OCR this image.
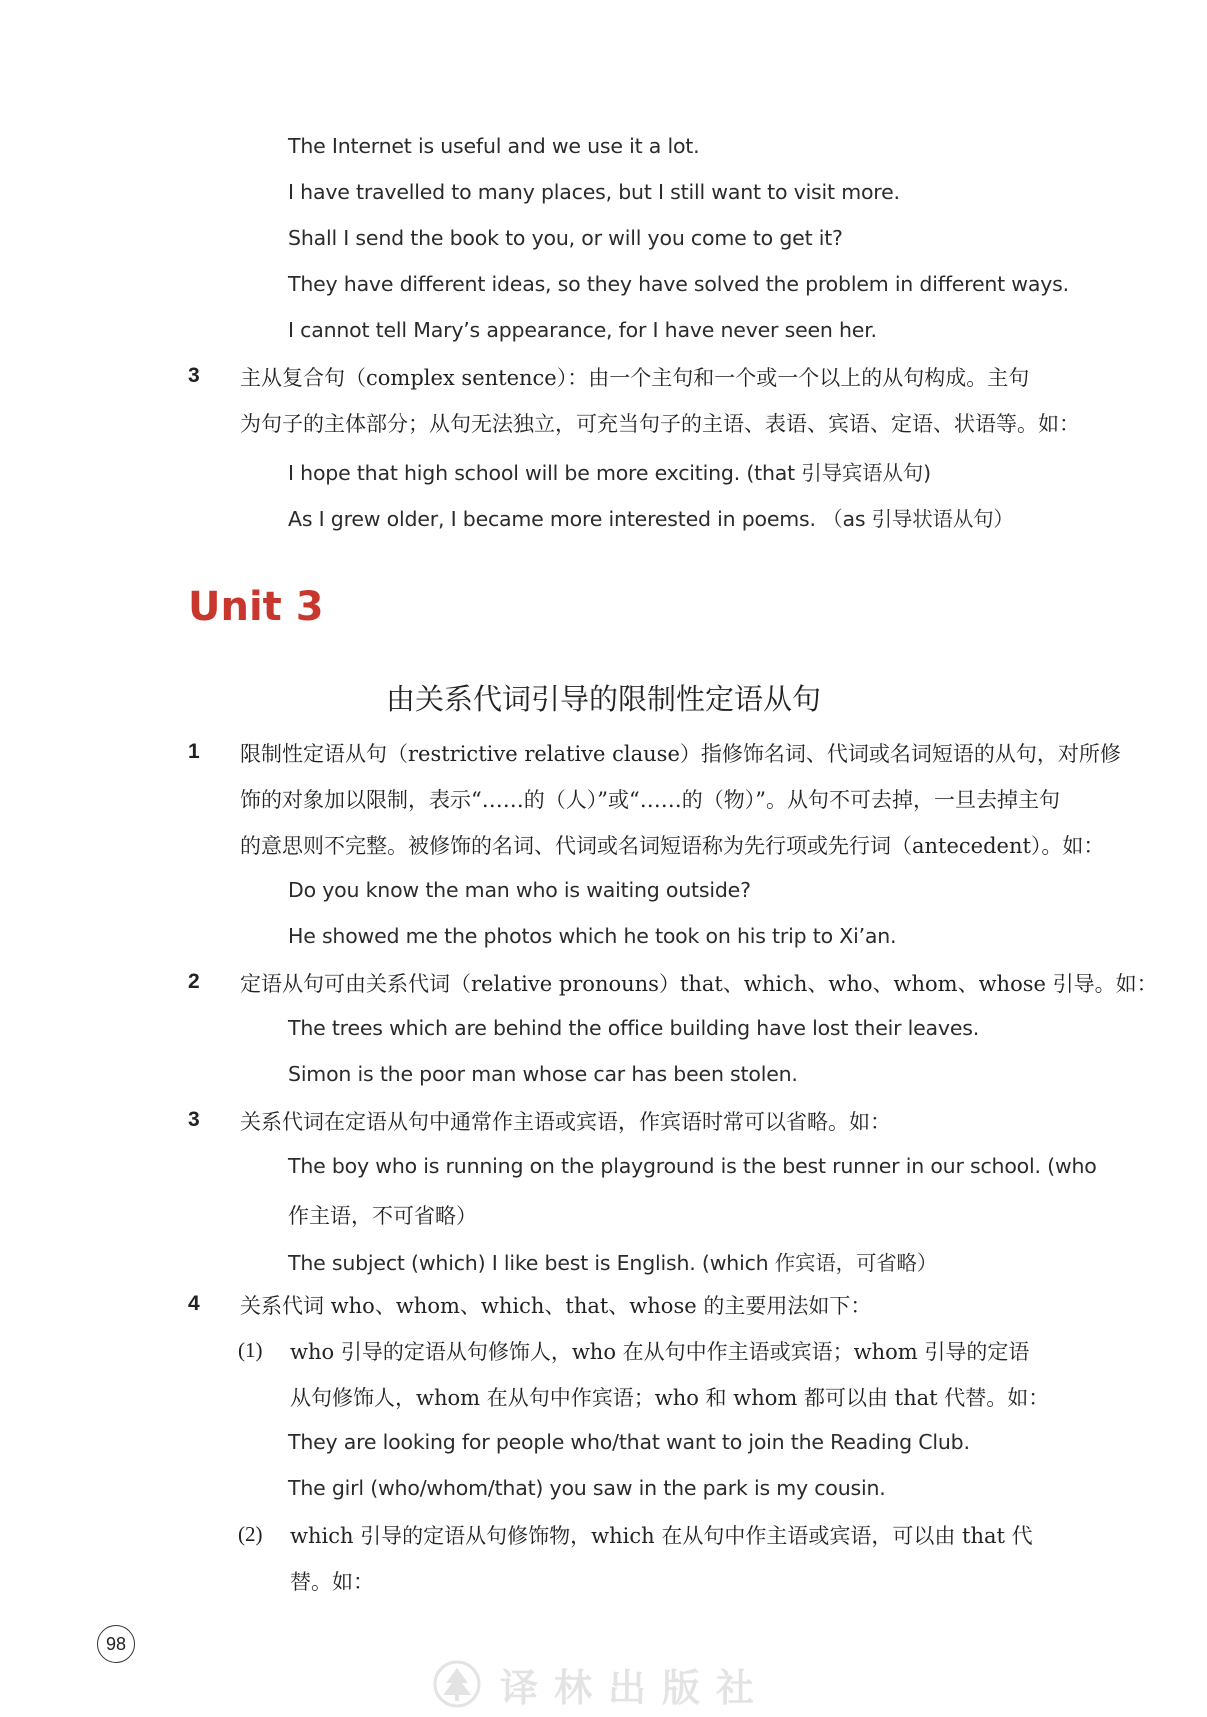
The Internet is useful and we use it a lot.
I have travelled to many places, but I still want to visit more.
Shall I send the book to you, or will you come to get it?
They have different ideas, so they have solved the problem in different ways.
I cannot tell Mary’s appearance, for I have never seen her.
3 主从复合句（complex sentence）：由一个主句和一个或一个以上的从句构成。主句
为句子的主体部分；从句无法独立，可充当句子的主语、表语、宾语、定语、状语等。如：
I hope that high school will be more exciting. (that 引导宾语从句)
As I grew older, I became more interested in poems. （as 引导状语从句）
Unit 3
由关系代词引导的限制性定语从句
1 限制性定语从句（restrictive relative clause）指修饰名词、代词或名词短语的从句，对所修
饰的对象加以限制，表示“……的（人）”或“……的（物）”。从句不可去掉，一旦去掉主句
的意思则不完整。被修饰的名词、代词或名词短语称为先行项或先行词（antecedent）。如：
Do you know the man who is waiting outside?
He showed me the photos which he took on his trip to Xi’an.
2 定语从句可由关系代词（relative pronouns）that、which、who、whom、whose 引导。如：
The trees which are behind the office building have lost their leaves.
Simon is the poor man whose car has been stolen.
3 关系代词在定语从句中通常作主语或宾语，作宾语时常可以省略。如：
The boy who is running on the playground is the best runner in our school. (who
作主语，不可省略）
The subject (which) I like best is English. (which 作宾语，可省略）
4 关系代词 who、whom、which、that、whose 的主要用法如下：
(1) who 引导的定语从句修饰人，who 在从句中作主语或宾语；whom 引导的定语
从句修饰人，whom 在从句中作宾语；who 和 whom 都可以由 that 代替。如：
They are looking for people who/that want to join the Reading Club.
The girl (who/whom/that) you saw in the park is my cousin.
(2) which 引导的定语从句修饰物，which 在从句中作主语或宾语，可以由 that 代
替。如：
98
译林出版社
